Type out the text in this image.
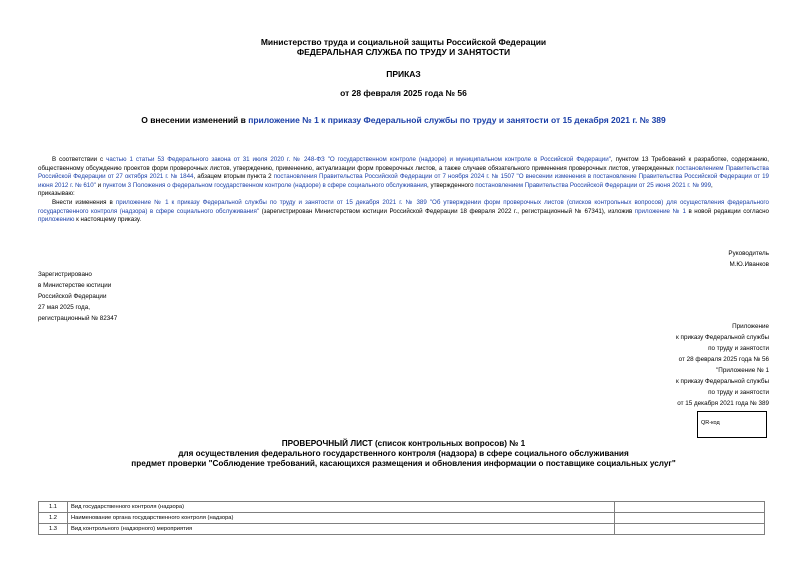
Министерство труда и социальной защиты Российской Федерации
ФЕДЕРАЛЬНАЯ СЛУЖБА ПО ТРУДУ И ЗАНЯТОСТИ
ПРИКАЗ
от 28 февраля 2025 года № 56
О внесении изменений в приложение № 1 к приказу Федеральной службы по труду и занятости от 15 декабря 2021 г. № 389

В соответствии с частью 1 статьи 53 Федерального закона от 31 июля 2020 г. № 248-ФЗ "О государственном контроле (надзоре) и муниципальном контроле в Российской Федерации", пунктом 13 Требований к разработке, содержанию, общественному обсуждению проектов форм проверочных листов, утверждению, применению, актуализации форм проверочных листов, а также случаев обязательного применения проверочных листов, утвержденных постановлением Правительства Российской Федерации от 27 октября 2021 г. № 1844, абзацем вторым пункта 2 постановления Правительства Российской Федерации от 7 ноября 2024 г. № 1507 "О внесении изменения в постановление Правительства Российской Федерации от 19 июня 2012 г. № 610" и пунктом 3 Положения о федеральном государственном контроле (надзоре) в сфере социального обслуживания, утвержденного постановлением Правительства Российской Федерации от 25 июня 2021 г. № 999,

приказываю:

Внести изменения в приложение № 1 к приказу Федеральной службы по труду и занятости от 15 декабря 2021 г. № 389 "Об утверждении форм проверочных листов (списков контрольных вопросов) для осуществления федерального государственного контроля (надзора) в сфере социального обслуживания" (зарегистрирован Министерством юстиции Российской Федерации 18 февраля 2022 г., регистрационный № 67341), изложив приложение № 1 в новой редакции согласно приложению к настоящему приказу.

Руководитель
М.Ю.Иванков
Зарегистрировано
в Министерстве юстиции
Российской Федерации
27 мая 2025 года,
регистрационный № 82347
Приложение
к приказу Федеральной службы
по труду и занятости
от 28 февраля 2025 года № 56
"Приложение № 1
к приказу Федеральной службы
по труду и занятости
от 15 декабря 2021 года № 389
QR-код
ПРОВЕРОЧНЫЙ ЛИСТ (список контрольных вопросов) № 1
для осуществления федерального государственного контроля (надзора) в сфере социального обслуживания
предмет проверки "Соблюдение требований, касающихся размещения и обновления информации о поставщике социальных услуг"
1.1	Вид государственного контроля (надзора)	
1.2	Наименование органа государственного контроля (надзора)	
1.3	Вид контрольного (надзорного) мероприятия	
